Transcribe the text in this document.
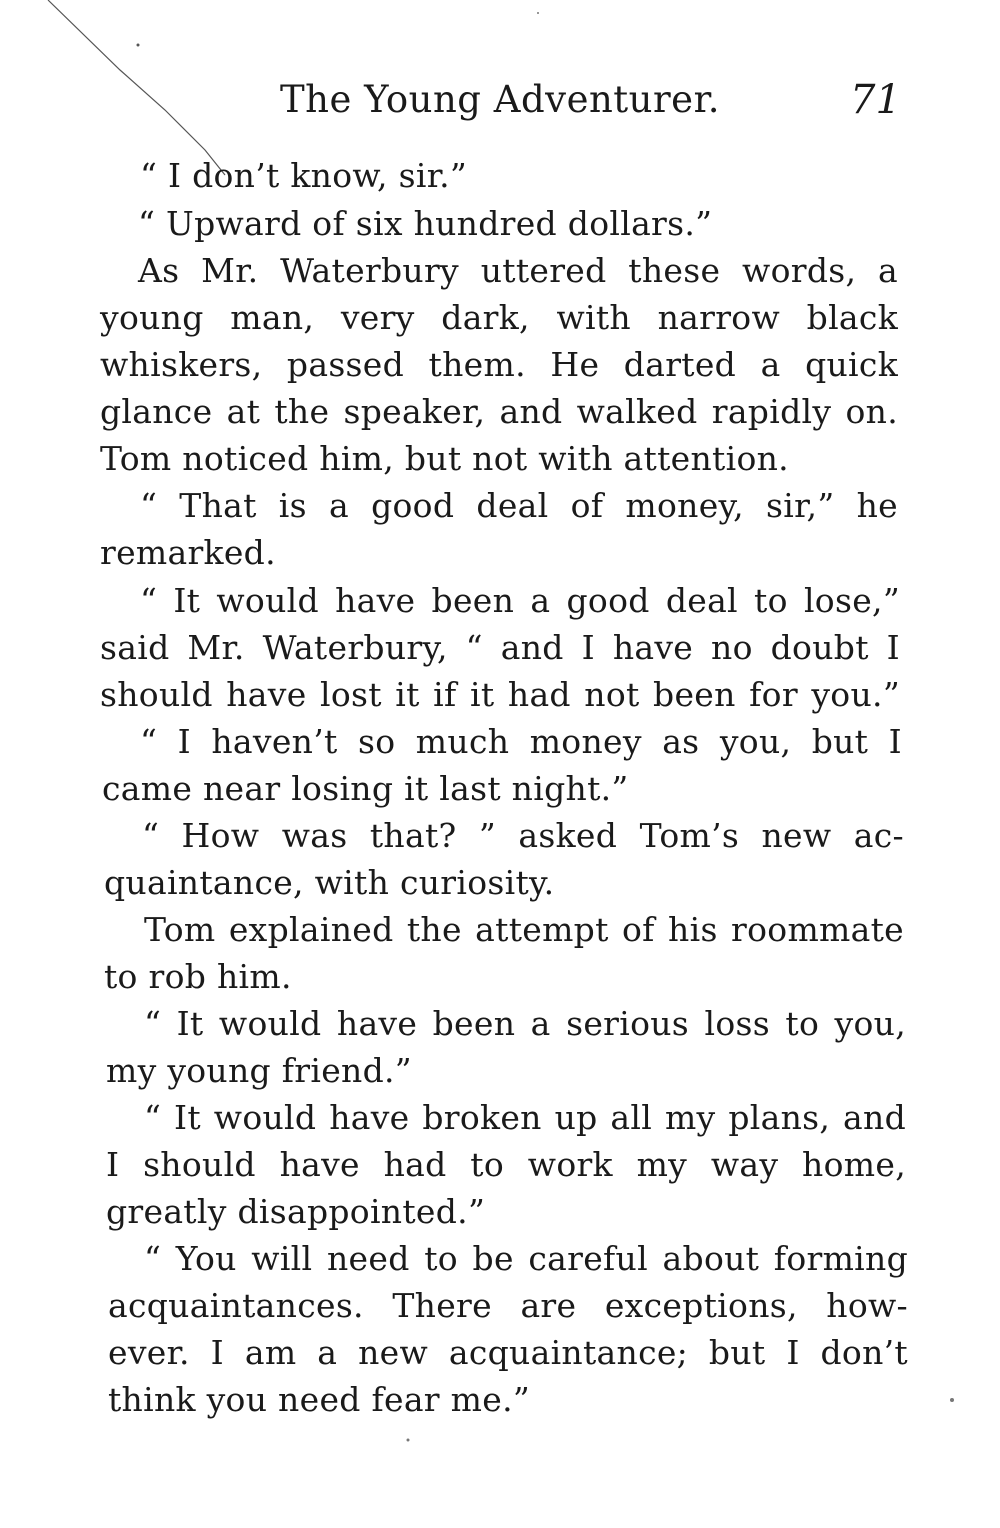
The Young Adventurer.	71
“ I don’t know, sir.”
“ Upward of six hundred dollars.”
As Mr. Waterbury uttered these words, a
young man, very dark, with narrow black
whiskers, passed them. He darted a quick
glance at the speaker, and walked rapidly on.
Tom noticed him, but not with attention.
“ That is a good deal of money, sir,” he
remarked.
“ It would have been a good deal to lose,”
said Mr. Waterbury, “ and I have no doubt I
should have lost it if it had not been for you.”
“ I haven’t so much money as you, but I
came near losing it last night.”
“ How was that? ” asked Tom’s new ac-
quaintance, with curiosity.
Tom explained the attempt of his roommate
to rob him.
“ It would have been a serious loss to you,
my young friend.”
“ It would have broken up all my plans, and
I should have had to work my way home,
greatly disappointed.”
“ You will need to be careful about forming
acquaintances. There are exceptions, how-
ever. I am a new acquaintance; but I don’t
think you need fear me.”
